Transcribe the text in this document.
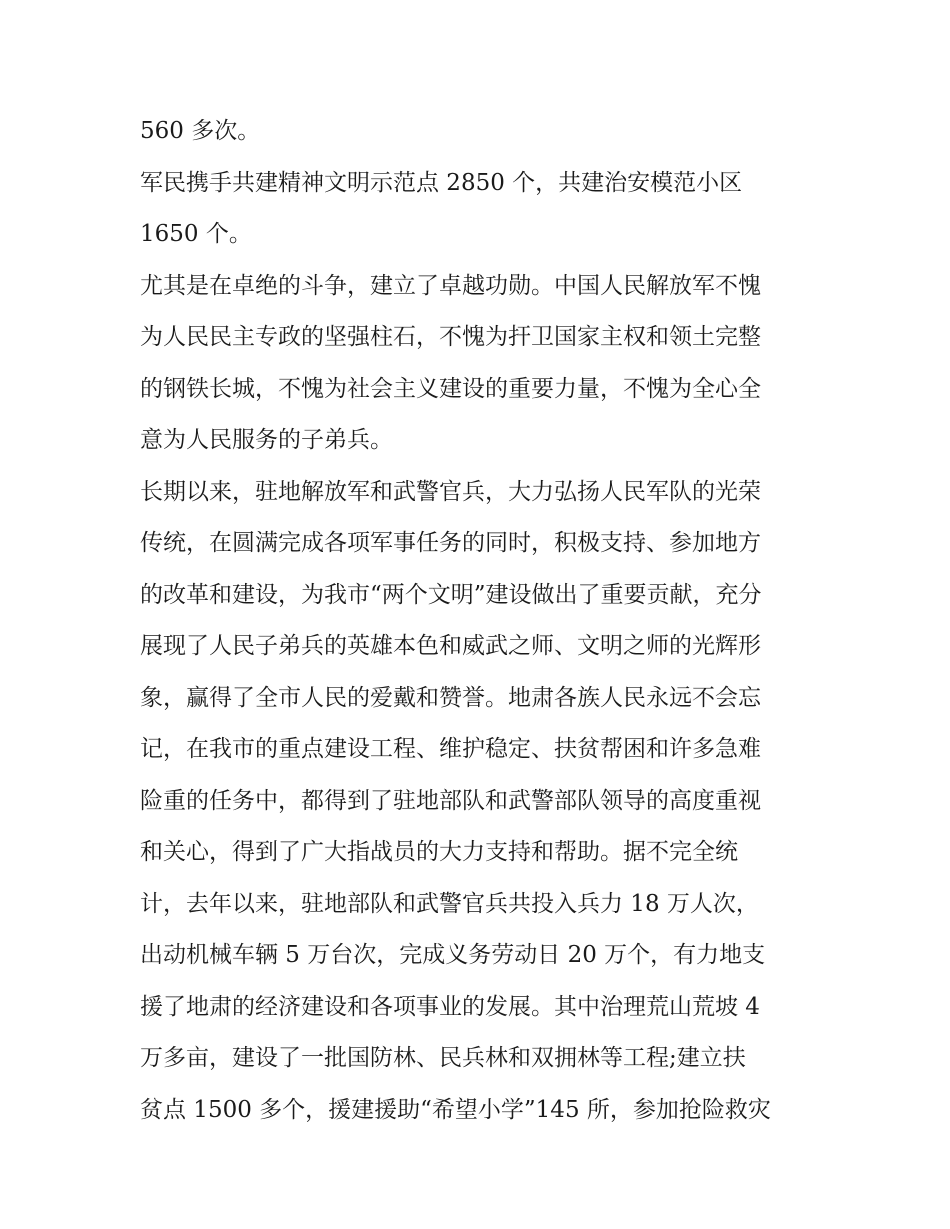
560 多次。
军民携手共建精神文明示范点 2850 个，共建治安模范小区
1650 个。
尤其是在卓绝的斗争，建立了卓越功勋。中国人民解放军不愧
为人民民主专政的坚强柱石，不愧为扞卫国家主权和领土完整
的钢铁长城，不愧为社会主义建设的重要力量，不愧为全心全
意为人民服务的子弟兵。
长期以来，驻地解放军和武警官兵，大力弘扬人民军队的光荣
传统，在圆满完成各项军事任务的同时，积极支持、参加地方
的改革和建设，为我市“两个文明”建设做出了重要贡献，充分
展现了人民子弟兵的英雄本色和威武之师、文明之师的光辉形
象，赢得了全市人民的爱戴和赞誉。地肃各族人民永远不会忘
记，在我市的重点建设工程、维护稳定、扶贫帮困和许多急难
险重的任务中，都得到了驻地部队和武警部队领导的高度重视
和关心，得到了广大指战员的大力支持和帮助。据不完全统
计，去年以来，驻地部队和武警官兵共投入兵力 18 万人次，
出动机械车辆 5 万台次，完成义务劳动日 20 万个，有力地支
援了地肃的经济建设和各项事业的发展。其中治理荒山荒坡 4
万多亩，建设了一批国防林、民兵林和双拥林等工程;建立扶
贫点 1500 多个，援建援助“希望小学”145 所，参加抢险救灾
